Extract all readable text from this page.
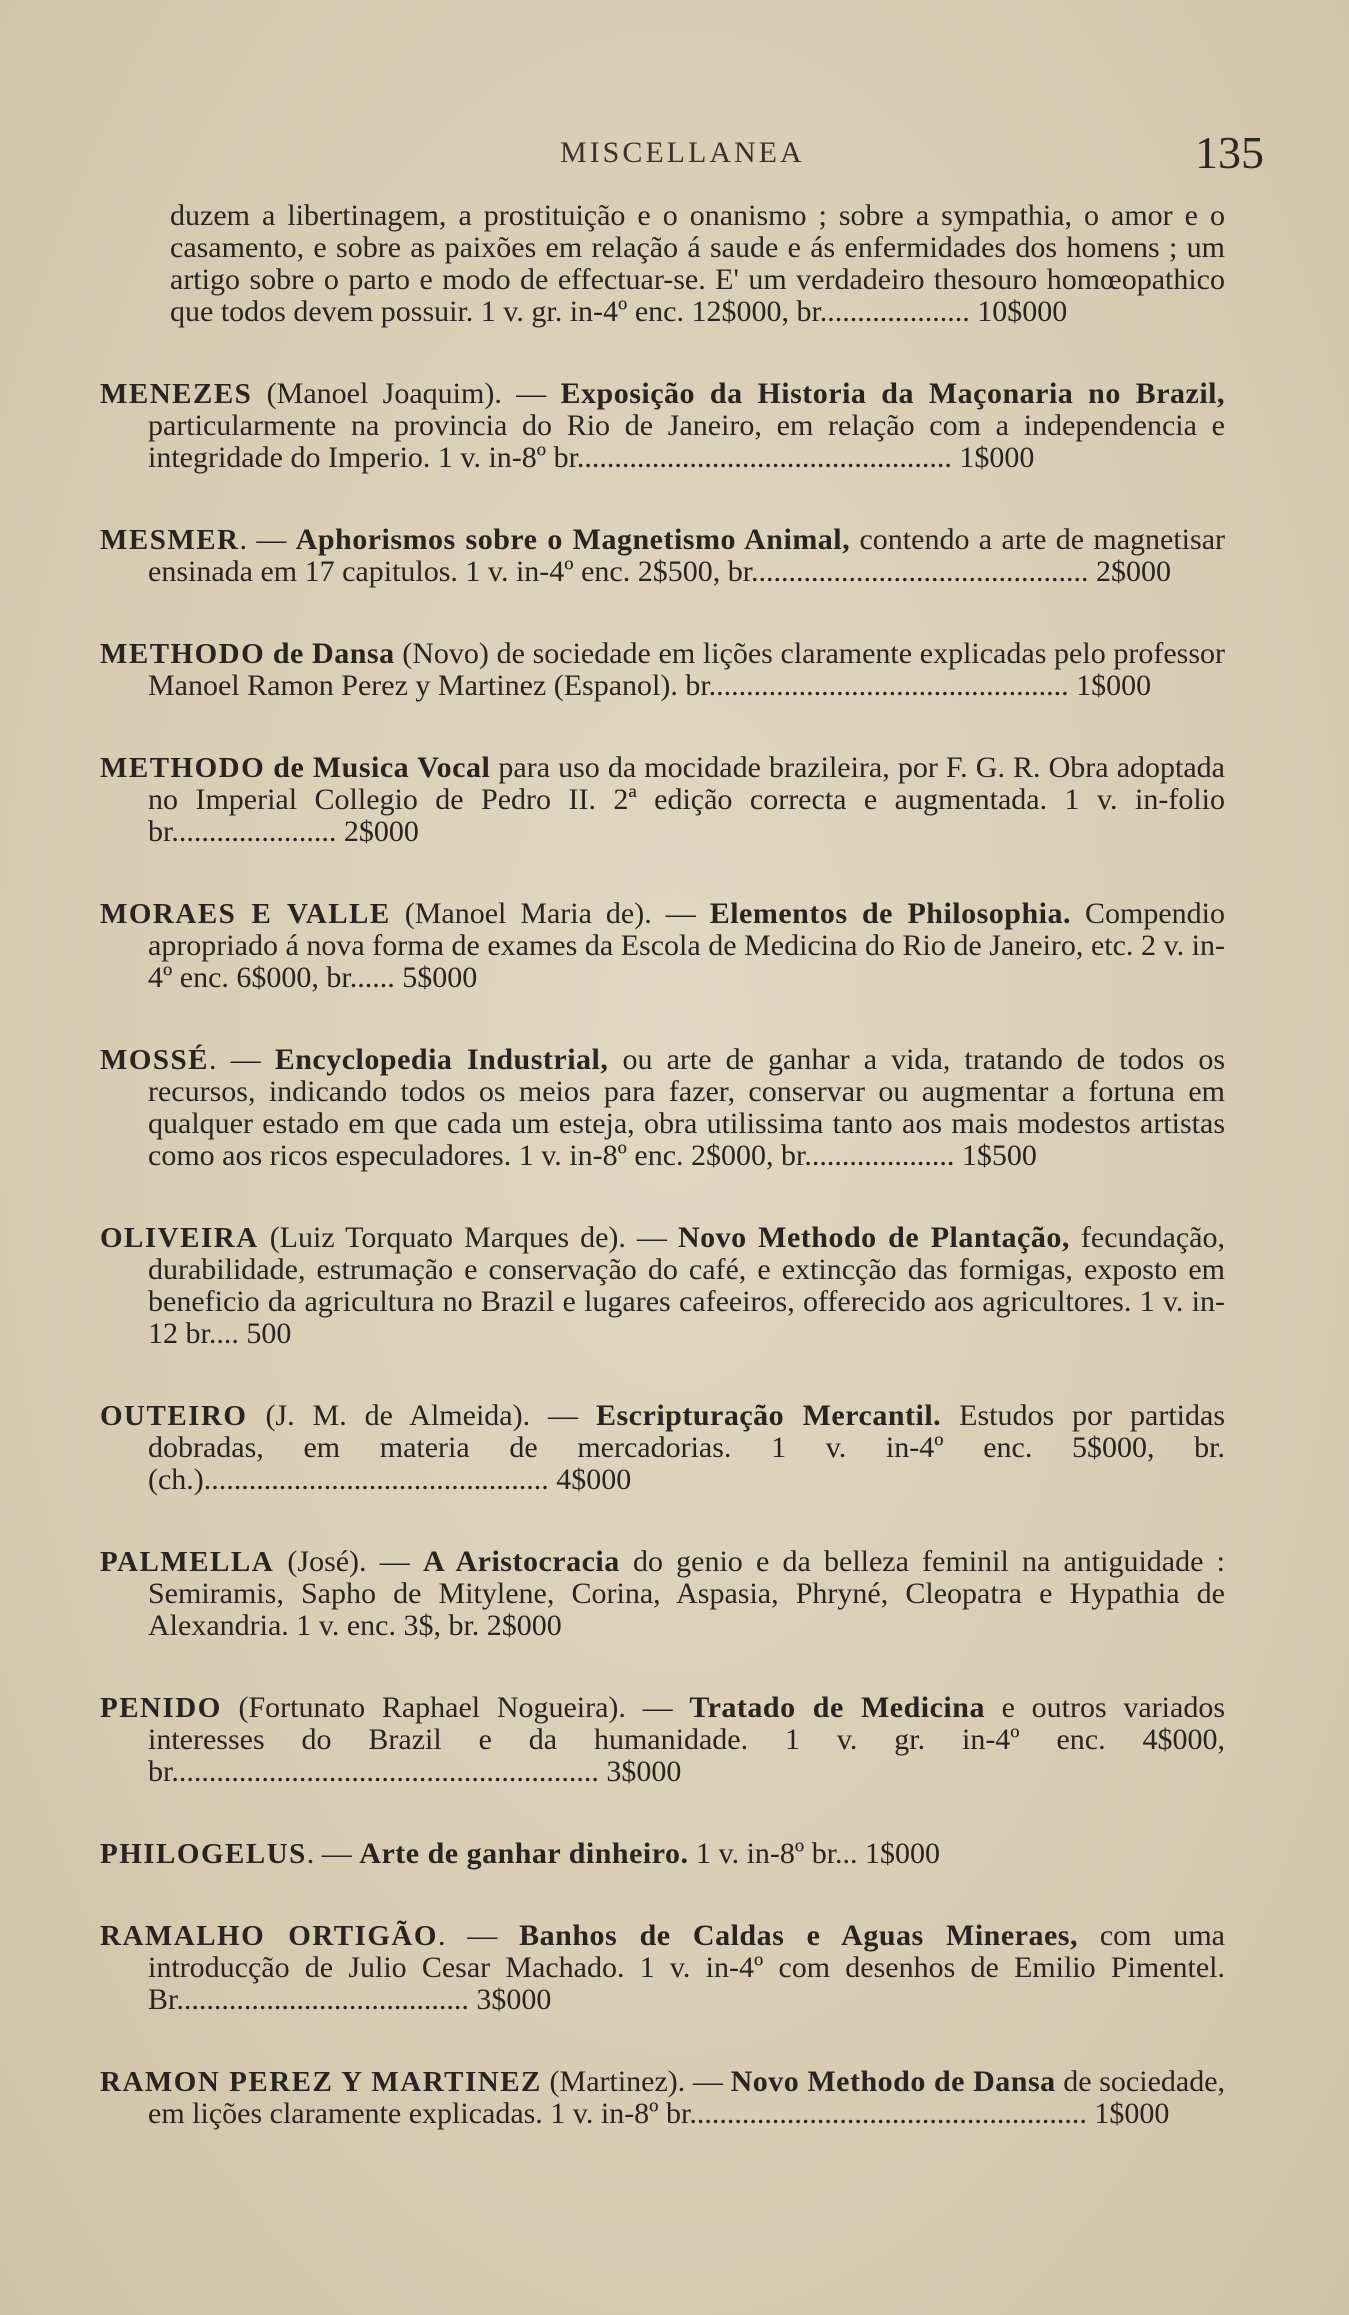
MISCELLANEA	135

duzem a libertinagem, a prostituição e o onanismo ; sobre a sympathia, o amor e o casamento, e sobre as paixões em relação á saude e ás enfermidades dos homens ; um artigo sobre o parto e modo de effectuar-se. E' um verdadeiro thesouro homœopathico que todos devem possuir. 1 v. gr. in-4º enc. 12$000, br.................... 10$000

MENEZES (Manoel Joaquim). — Exposição da Historia da Maçonaria no Brazil, particularmente na provincia do Rio de Janeiro, em relação com a independencia e integridade do Imperio. 1 v. in-8º br.................................................. 1$000

MESMER. — Aphorismos sobre o Magnetismo Animal, contendo a arte de magnetisar ensinada em 17 capitulos. 1 v. in-4º enc. 2$500, br............................................. 2$000

METHODO de Dansa (Novo) de sociedade em lições claramente explicadas pelo professor Manoel Ramon Perez y Martinez (Espanol). br................................................ 1$000

METHODO de Musica Vocal para uso da mocidade brazileira, por F. G. R. Obra adoptada no Imperial Collegio de Pedro II. 2ª edição correcta e augmentada. 1 v. in-folio br...................... 2$000

MORAES E VALLE (Manoel Maria de). — Elementos de Philosophia. Compendio apropriado á nova forma de exames da Escola de Medicina do Rio de Janeiro, etc. 2 v. in-4º enc. 6$000, br...... 5$000

MOSSÉ. — Encyclopedia Industrial, ou arte de ganhar a vida, tratando de todos os recursos, indicando todos os meios para fazer, conservar ou augmentar a fortuna em qualquer estado em que cada um esteja, obra utilissima tanto aos mais modestos artistas como aos ricos especuladores. 1 v. in-8º enc. 2$000, br.................... 1$500

OLIVEIRA (Luiz Torquato Marques de). — Novo Methodo de Plantação, fecundação, durabilidade, estrumação e conservação do café, e extincção das formigas, exposto em beneficio da agricultura no Brazil e lugares cafeeiros, offerecido aos agricultores. 1 v. in-12 br.... 500

OUTEIRO (J. M. de Almeida). — Escripturação Mercantil. Estudos por partidas dobradas, em materia de mercadorias. 1 v. in-4º enc. 5$000, br. (ch.).............................................. 4$000

PALMELLA (José). — A Aristocracia do genio e da belleza feminil na antiguidade : Semiramis, Sapho de Mitylene, Corina, Aspasia, Phryné, Cleopatra e Hypathia de Alexandria. 1 v. enc. 3$, br. 2$000

PENIDO (Fortunato Raphael Nogueira). — Tratado de Medicina e outros variados interesses do Brazil e da humanidade. 1 v. gr. in-4º enc. 4$000, br......................................................... 3$000

PHILOGELUS. — Arte de ganhar dinheiro. 1 v. in-8º br... 1$000

RAMALHO ORTIGÃO. — Banhos de Caldas e Aguas Mineraes, com uma introducção de Julio Cesar Machado. 1 v. in-4º com desenhos de Emilio Pimentel. Br....................................... 3$000

RAMON PEREZ Y MARTINEZ (Martinez). — Novo Methodo de Dansa de sociedade, em lições claramente explicadas. 1 v. in-8º br..................................................... 1$000
